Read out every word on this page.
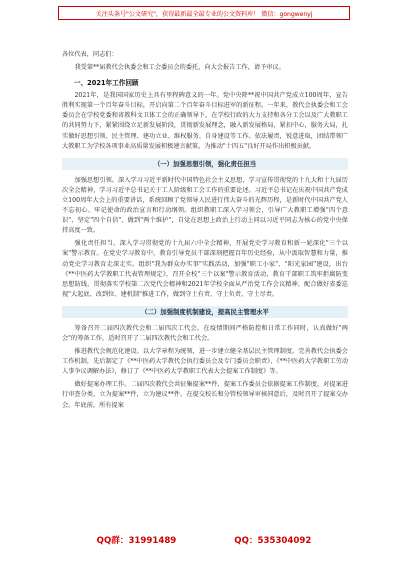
关注头条号"公文研究"，获得最新最全最专业的公文资料库！ 微信：gongwenyj

各位代表，同志们：

我受第**届教代会执委会和工会委员会的委托，向大会报告工作，请予审议。

一、2021年工作回顾

2021年，是我国国家历史上具有里程碑意义的一年。党中央降**祝中国共产党成立100周年，宣告胜利实现第一个百年奋斗目标，开启向第二个百年奋斗目标进军的新征程。一年来，教代会执委会和工会委员会在学校党委和省教科文卫体工会的正确领导下，在学校行政的大力支持和各分工会以及广大教职工的共同努力下，紧紧围绕立足新发展阶段，贯彻新发展理念，融入新发展格局，紧扣中心，服务大局，扎实做好思想引领、民主管理、建功立业、维权服务、自身建设等工作。依法履责，锐意进取，团结带领广大教职工为学校各项事业高质量发展积极建言献策，为推动"十四五"良好开局作出积极贡献。

（一）加强思想引领，强化责任担当

加强思想引领。深入学习习近平新时代中国特色社会主义思想，学习宣传贯彻党的十九大和十九届历次全会精神，学习习近平总书记关于工人阶级和工会工作的重要论述。习近平总书记在庆祝中国共产党成立100周年大会上的重要讲话，系统回顾了党领导人民进行伟大奋斗的光辉历程，是新时代中国共产党人不忘初心、牢记使命的政治宣言和行动纲领。组织教职工深入学习领会，引导广大教职工增强"四个意识"、坚定"四个自信"、做到"两个维护"，自觉在思想上政治上行动上同以习近平同志为核心的党中央保持高度一致。

强化责任担当。深入学习贯彻党的十九届六中全会精神，开展党史学习教育和新一轮深化"三个以案"警示教育。在党史学习教育中，教育引导党员干部深刻把握百年历史经验，从中汲取智慧和力量，推动党史学习教育走深走实。组织"我为群众办实事"实践活动，加强"职工小家"、"阳光家园"建设，出台《**中医药大学教职工代表管理规定》，召开全校"三个以案"警示教育活动，教育干部职工筑牢拒腐防变思想防线，贯彻落实学校第二次党代会精神和2021年学校全面从严治党工作会议精神，配合做好省委巡视"大起底、改到位、建机制"推进工作，做到守土有责、守土负责、守土尽责。

（二）加强制度机制建设，提高民主管理水平

筹备召开二届四次教代会和二届四次工代会。在疫情期间严格防控和日常工作同时，认真做好"两会"的筹备工作，适时召开了二届四次教代会和工代会。

推进教代会规范化建设。以大学章程为统领，进一步建立健全基层民主管理制度。完善教代会执委会工作机制，先后制定了《**中医药大学教代会执行委员会及专门委员会职责》、《**中医药大学教职工劳动人事争议调解办法》，修订了《**中医药大学教职工代表大会提案工作制度》等。

做好提案办理工作。二届四次教代会共征集提案**件，提案工作委员会依据提案工作制度，对提案进行审查分类，立为提案**件，立为建议**件。在提交校长和分管校领导审核同意后，及时召开了提案交办会。年底前，所有提案

QQ群：31991489	QQ：535304092
